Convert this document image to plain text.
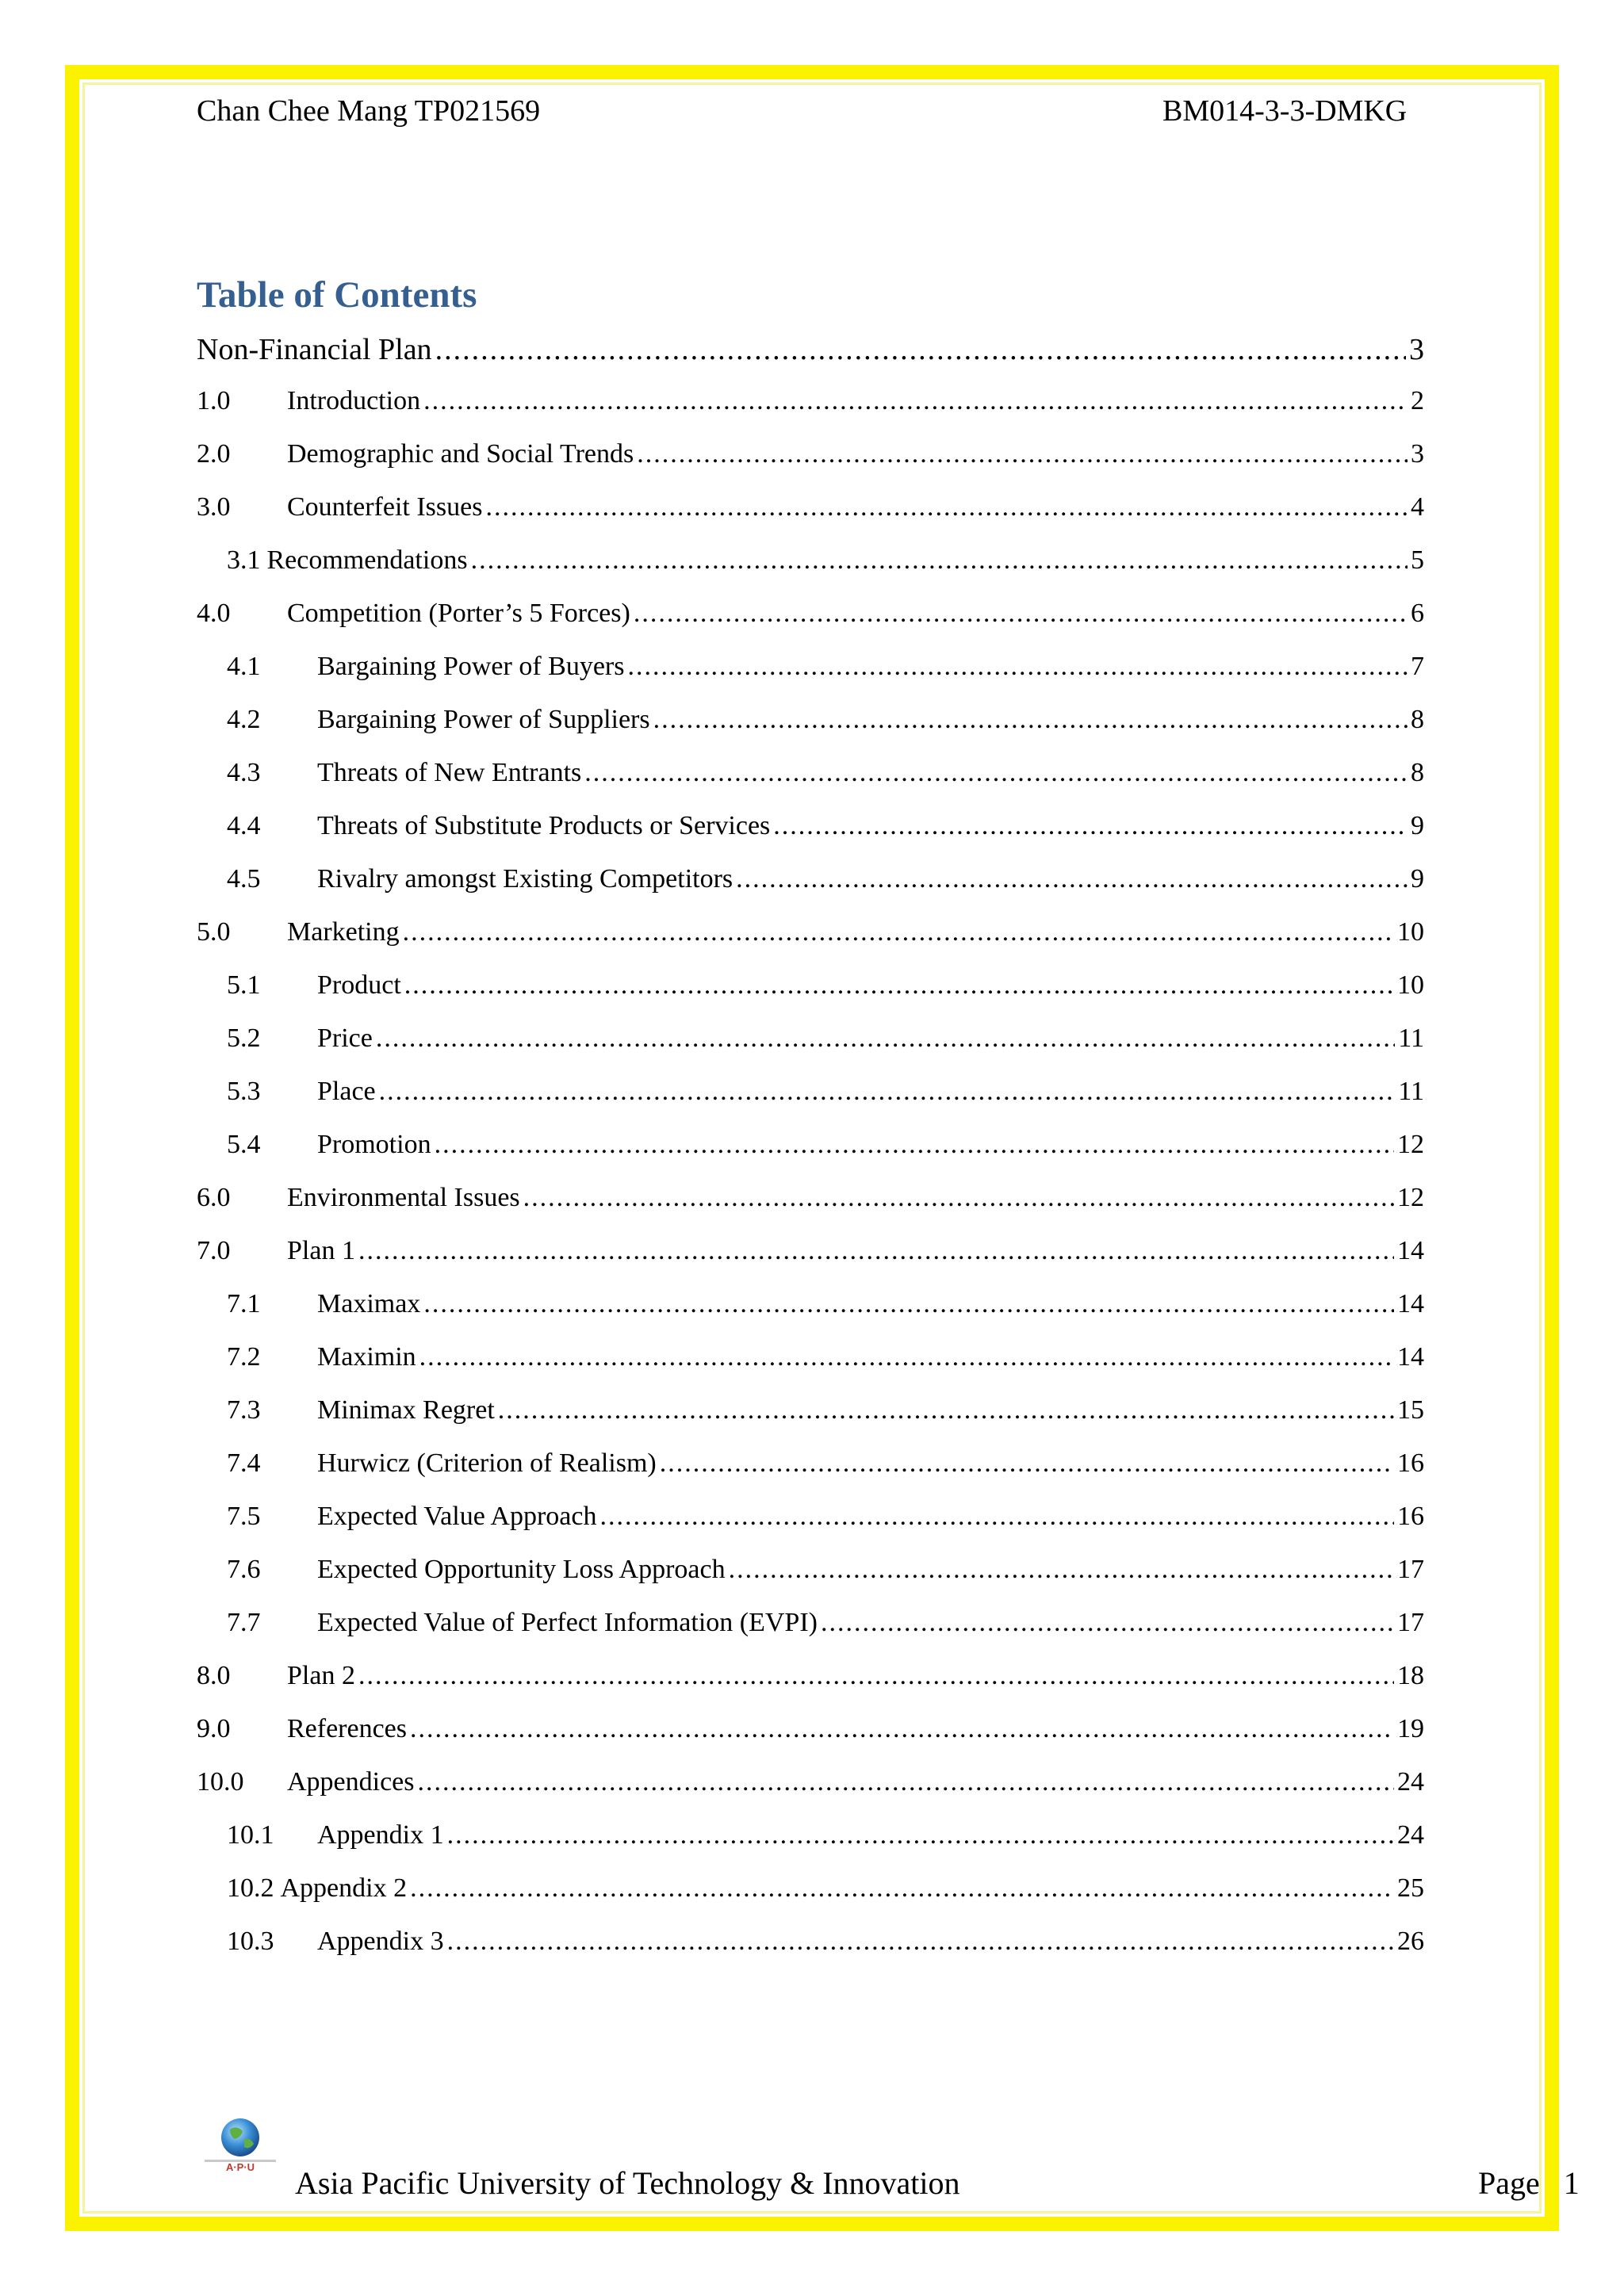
Chan Chee Mang TP021569	BM014-3-3-DMKG
Table of Contents
Non-Financial Plan .....	3
1.0	Introduction .....	2
2.0	Demographic and Social Trends .....	3
3.0	Counterfeit Issues .....	4
3.1 Recommendations .....	5
4.0	Competition (Porter’s 5 Forces) .....	6
4.1	Bargaining Power of Buyers .....	7
4.2	Bargaining Power of Suppliers .....	8
4.3	Threats of New Entrants .....	8
4.4	Threats of Substitute Products or Services .....	9
4.5	Rivalry amongst Existing Competitors .....	9
5.0	Marketing .....	10
5.1	Product .....	10
5.2	Price .....	11
5.3	Place .....	11
5.4	Promotion .....	12
6.0	Environmental Issues .....	12
7.0	Plan 1 .....	14
7.1	Maximax .....	14
7.2	Maximin .....	14
7.3	Minimax Regret .....	15
7.4	Hurwicz (Criterion of Realism) .....	16
7.5	Expected Value Approach .....	16
7.6	Expected Opportunity Loss Approach .....	17
7.7	Expected Value of Perfect Information (EVPI) .....	17
8.0	Plan 2 .....	18
9.0	References .....	19
10.0	Appendices .....	24
10.1	Appendix 1 .....	24
10.2 Appendix 2 .....	25
10.3	Appendix 3 .....	26
A·P·U Asia Pacific University of Technology & Innovation	Page 1
